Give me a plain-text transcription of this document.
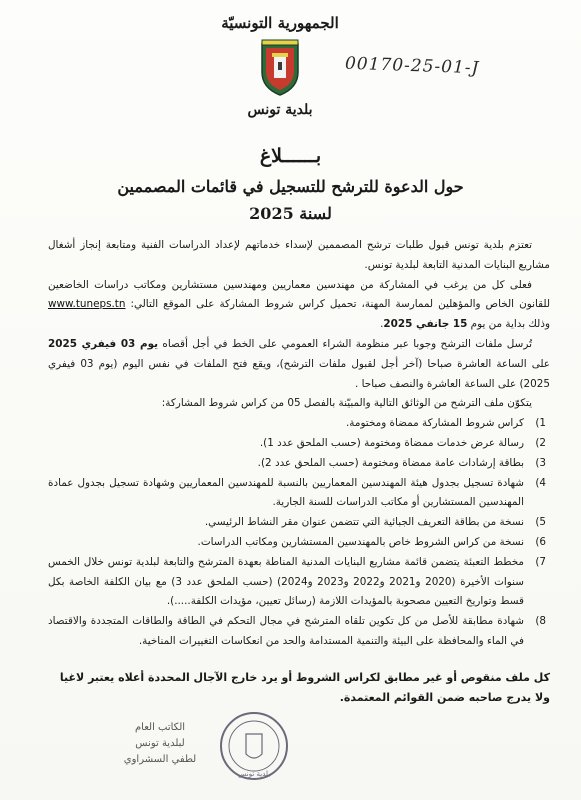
الجمهورية التونسيّة
بلدية تونس
00170-25-01-J
بــــــلاغ
حول الدعوة للترشح للتسجيل في قائمات المصممين
لسنة 2025

تعتزم بلدية تونس قبول طلبات ترشح المصممين لإسداء خدماتهم لإعداد الدراسات الفنية ومتابعة إنجاز أشغال مشاريع البنايات المدنية التابعة لبلدية تونس.

فعلى كل من يرغب في المشاركة من مهندسين معماريين ومهندسين مستشارين ومكاتب دراسات الخاضعين للقانون الخاص والمؤهلين لممارسة المهنة، تحميل كراس شروط المشاركة على الموقع التالي: www.tuneps.tn وذلك بداية من يوم 15 جانفي 2025.

تُرسل ملفات الترشح وجوبا عبر منظومة الشراء العمومي على الخط في أجل أقصاه يوم 03 فيفري 2025 على الساعة العاشرة صباحا (آخر أجل لقبول ملفات الترشح)، ويقع فتح الملفات في نفس اليوم (يوم 03 فيفري 2025) على الساعة العاشرة والنصف صباحا .

يتكوّن ملف الترشح من الوثائق التالية والمبيّنة بالفصل 05 من كراس شروط المشاركة:

1)
كراس شروط المشاركة ممضاة ومختومة.
2)
رسالة عرض خدمات ممضاة ومختومة (حسب الملحق عدد 1).
3)
بطاقة إرشادات عامة ممضاة ومختومة (حسب الملحق عدد 2).
4)
شهادة تسجيل بجدول هيئة المهندسين المعماريين بالنسبة للمهندسين المعماريين وشهادة تسجيل بجدول عمادة المهندسين المستشارين أو مكاتب الدراسات للسنة الجارية.
5)
نسخة من بطاقة التعريف الجبائية التي تتضمن عنوان مقر النشاط الرئيسي.
6)
نسخة من كراس الشروط خاص بالمهندسين المستشارين ومكاتب الدراسات.
7)
مخطط التعبئة يتضمن قائمة مشاريع البنايات المدنية المناطة بعهدة المترشح والتابعة لبلدية تونس خلال الخمس سنوات الأخيرة (2020 و2021 و2022 و2023 و2024) (حسب الملحق عدد 3) مع بيان الكلفة الخاصة بكل قسط وتواريخ التعيين مصحوبة بالمؤيدات اللازمة (رسائل تعيين، مؤيدات الكلفة.....).
8)
شهادة مطابقة للأصل من كل تكوين تلقاه المترشح في مجال التحكم في الطاقة والطاقات المتجددة والاقتصاد في الماء والمحافظة على البيئة والتنمية المستدامة والحد من انعكاسات التغييرات المناخية.
كل ملف منقوص أو غير مطابق لكراس الشروط أو يرد خارج الآجال المحددة أعلاه يعتبر لاغيا ولا يدرج صاحبه ضمن القوائم المعتمدة.
الكاتب العام
لبلدية تونس
لطفي السشراوي
بلدية تونس
